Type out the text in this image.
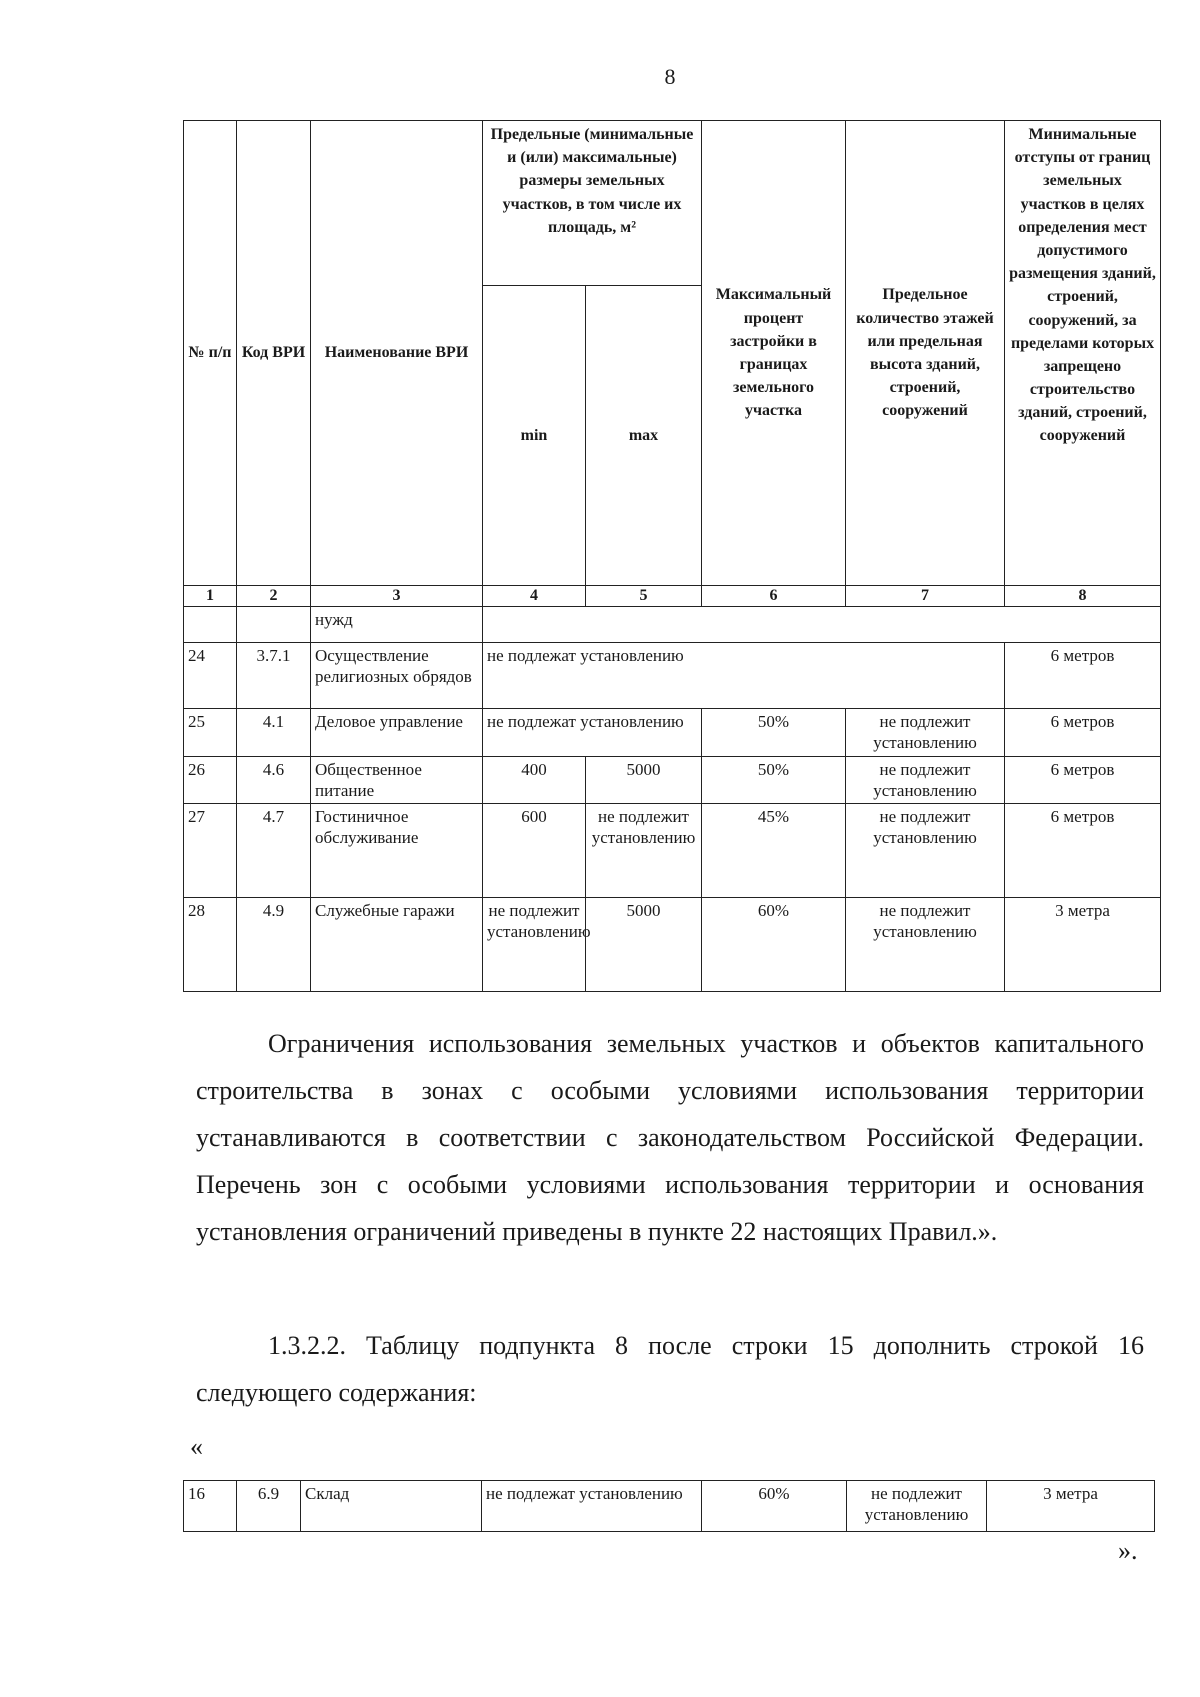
8
№ п/п	Код ВРИ	Наименование ВРИ	Предельные (минимальные и (или) максимальные) размеры земельных участков, в том числе их площадь, м²		Максимальный процент застройки в границах земельного участка	Предельное количество этажей или предельная высота зданий, строений, сооружений	Минимальные отступы от границ земельных участков в целях определения мест допустимого размещения зданий, строений, сооружений, за пределами которых запрещено строительство зданий, строений, сооружений
			min	max			
1	2	3	4	5	6	7	8
		нужд					
24	3.7.1	Осуществление религиозных обрядов	не подлежат установлению				6 метров
25	4.1	Деловое управление	не подлежат установлению		50%	не подлежит установлению	6 метров
26	4.6	Общественное питание	400	5000	50%	не подлежит установлению	6 метров
27	4.7	Гостиничное обслуживание	600	не подлежит установлению	45%	не подлежит установлению	6 метров
28	4.9	Служебные гаражи	не подлежит установлению	5000	60%	не подлежит установлению	3 метра

Ограничения использования земельных участков и объектов капитального строительства в зонах с особыми условиями использования территории устанавливаются в соответствии с законодательством Российской Федерации. Перечень зон с особыми условиями использования территории и основания установления ограничений приведены в пункте 22 настоящих Правил.».

1.3.2.2. Таблицу подпункта 8 после строки 15 дополнить строкой 16 следующего содержания:

«
16	6.9	Склад	не подлежат установлению	60%	не подлежит установлению	3 метра
».
